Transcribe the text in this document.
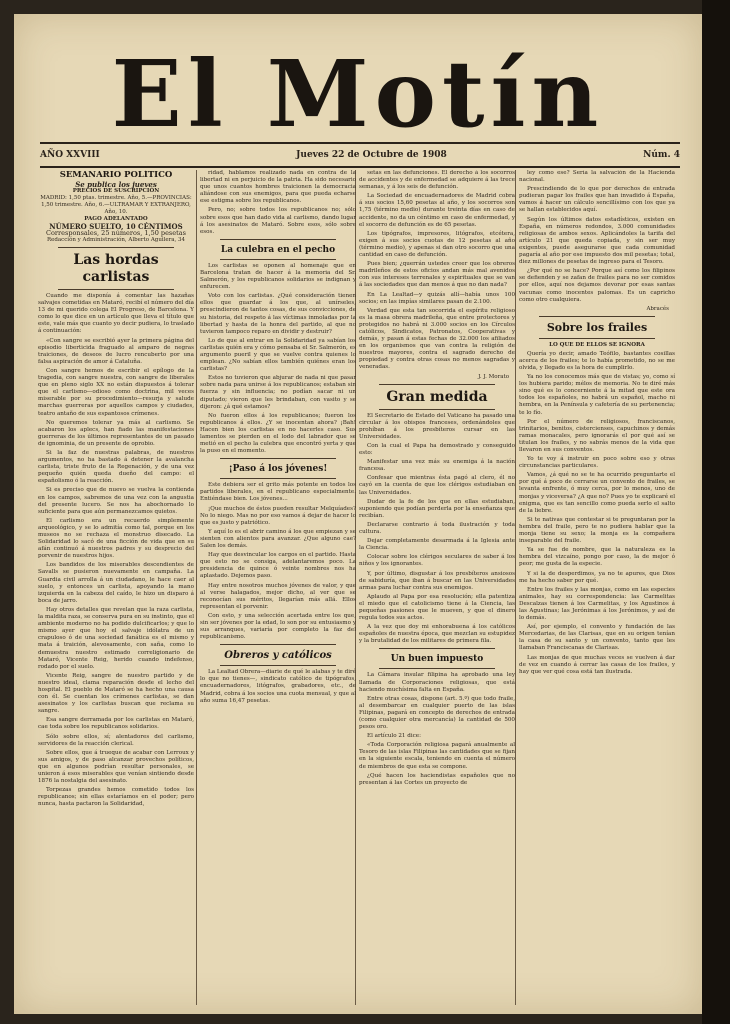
El Motín
AÑO XXVIII	Jueves 22 de Octubre de 1908	Núm. 4
SEMANARIO POLÍTICO
Se publica los jueves
PRECIOS DE SUSCRIPCIÓN
MADRID: 1,50 ptas. trimestre. Año, 5.—PROVINCIAS: 1,50 trimestre. Año, 6.—ULTRAMAR Y EXTRANJERO, Año, 10.
PAGO ADELANTADO
NÚMERO SUELTO, 10 CÉNTIMOS
Corresponsales, 25 números, 1,50 pesetas
Redacción y Administración, Alberto Aguilera, 34
Las hordas carlistas

Cuando me disponía á comentar las hazañas salvajes cometidas en Mataró, recibí el número del día 13 de mi querido colega El Progreso, de Barcelona. Y como lo que dice en un artículo que lleva el título que este, vale más que cuanto yo decir pudiera, lo traslado á continuación:

«Con sangre se escribió ayer la primera página del episodio liberticida fraguado al amparo de negras traiciones, de deseos de lucro rencuberto por una falsa aspiración de amor á Cataluña.

Con sangre hemos de escribir el epílogo de la tragedia, con sangre nuestra, con sangre de liberales que en pleno siglo XX no están dispuestos á tolerar que el carlismo—odioso como doctrina, mil veces miserable por su procedimiento—resurja y salude marchas guerreras por aquellos campos y ciudades, teatro antaño de sus espantosos crímenes.

No queremos tolerar ya más al carlismo. Se acabaron los aplecs, han fiado las manifestaciones guerreras de los últimos representantes de un pasado de ignominia, de un presente de oprobio.

Si la faz de nuestras palabras, de nuestros argumentos, no ha bastado á detener la avalancha carlista, triste fruto de la Regenación, y de una vez pequeño quién queda dueño del campo: el españolismo ó la reacción.

Si es preciso que de nuevo se vuelva la contienda en los campos, sabremos de una vez con la angustia del presente lucero. Se nos ha abochornado lo suficiente para que aún permanezcamos quietos.

El carlismo era un recuerdo simplemente arqueológico, y se lo admitía como tal, porque en los museos no se rechaza el monstruo disecado. La Solidaridad lo sacó de una ficción de vida que en su afán continuó á nuestros padres y su desprecio del porvenir de nuestros hijos.

Los bandidos de los miserables descendientes de Savalls se pusieron nuevamente en campaña. La Guardia civil arrolla á un ciudadano, le hace caer al suelo, y entonces un carlista, apoyando la mano izquierda en la cabeza del caído, le hizo un disparo á boca de jarro.

Hay otros detalles que revelan que la raza carlista, la maldita raza, se conserva pura en su instinto, que el ambiente moderno no ha podido dulcificarlos; y que lo mismo ayer que hoy el salvaje idólatra de un crapuloso ó de una sociedad fanática es el mismo y mata á traición, alevosamente, con saña, como lo demuestra nuestro estimado correligionario de Mataró, Vicente Reig, herido cuando indefenso, rodado por el suelo.

Vicente Reig, sangre de nuestro partido y de nuestro ideal, clama reparación desde el lecho del hospital. El pueblo de Mataró se ha hecho una causa con él. Se cuentan los crímenes carlistas, se dan asesinatos y los carlistas buscan que reclama su sangre.

Esa sangre derramada por los carlistas en Mataró, cae toda sobre los republicanos solidarios.

Sólo sobre ellos, sí; alentadores del carlismo, servidores de la reacción clerical.

Sobre ellos, que á trueque de acabar con Lerroux y sus amigos, y de paso alcanzar provechos políticos, que en algunos podrían resultar personales, se unieron á esos miserables que venían sintiendo desde 1876 la nostalgia del asesinato.

Torpezas grandes hemos cometido todos los republicanos; sin ellas estaríamos en el poder; pero nunca, hasta pactaron la Solidaridad,

ridad, hablamos realizado nada en contra de la libertad ni en perjuicio de la patria. Ha sido necesario que unos cuantos hombres traicionen la democracia aliándose con sus enemigos, para que pueda echarse ese estigma sobre los republicanos.

Pero, no; sobre todos los republicanos no; sólo sobre esos que han dado vida al carlismo, dando lugar á los asesinatos de Mataró. Sobre esos, sólo sobre esos.

La culebra en el pecho

Los carlistas se oponen al homenaje que en Barcelona tratan de hacer á la memoria del Sr. Salmerón, y los republicanos solidarios se indignan y enfurecen.

Voto con los carlistas. ¿Qué consideración tienen ellos que guardar á los que, al unírseles, prescindieron de tantos cosas, de sus convicciones, de su historia, del respeto á las víctimas inmoladas por la libertad y hasta de la honra del partido, al que no tuvieron tampoco reparo en dividir y destruir?

Lo de que al entrar en la Solidaridad ya sabían los carlistas quién era y cómo pensaba el Sr. Salmerón, es argumento pueril y que se vuelve contra quienes lo emplean. ¿No sabían ellos también quiénes eran los carlistas?

Estos no tuvieron que abjurar de nada ni que pasar sobre nada para unirse á los republicanos; estaban sin fuerza y sin influencia; no podían sacar ni un diputado; vieron que les brindaban, con vasito y se dijeron: ¿á qué estamos?

No fueron ellos á los republicanos; fueron los republicanos á ellos. ¿Y se inocentan ahora? ¡Bah! Hacen bien los carlistas en no hacerles caso. Sus lamentos se pierden en el lodo del labrador que se metió en el pecho la culebra que encontró yerta y que la puso en el momento.

¡Paso á los jóvenes!

Este debiera ser el grito más potente en todos los partidos liberales, en el republicano especialmente. Entiéndase bien. Los jóvenes...

¡Que muchos de éstos pueden resultar Melquíades? No lo niego. Mas no por eso vamos á dejar de hacer lo que es justo y patriótico.

Y aquí lo es el abrir camino á los que empiezan y se sienten con alientos para avanzar. ¿Que alguno cae? Salen los demás.

Hay que desvincular los cargos en el partido. Hasta que esto no se consiga, adelantaremos poco. La presidencia de quince ó veinte nombres nos ha aplastado. Dejemos paso.

Hay entre nosotros muchos jóvenes de valor, y que al verse halagados, mejor dicho, al ver que se reconocían sus méritos, llegarían más allá. Ellos representan el porvenir.

Con esto, y una selección acertada entre los que, sin ser jóvenes por la edad, lo son por su entusiasmo y sus arranques, variaría por completo la faz del republicanismo.

Obreros y católicos

La Lealtad Obrera—diarie de qué le alabas y te diré lo que no tienes—, sindicato católico de tipógrafos, encuadernadores, litógrafos, grabadores, etc., de Madrid, cobra á los socios una cuota mensual, y que al año suma 16,47 pesetas.

setas en las defunciones. El derecho á los socorros de accidentes y de enfermedad se adquiere á las trece semanas, y á los seis de defunción.

La Sociedad de encuadernadores de Madrid cobra á sus socios 15,60 pesetas al año, y los socorros son 1,75 (término medio) durante treinta días en caso de accidente, no da un céntimo en caso de enfermedad, y el socorro de defunción es de 65 pesetas.

Los tipógrafos, impresores, litógrafos, etcétera, exigen á sus socios cuotas de 12 pesetas al año (término medio), y apenas si dan otro socorro que una cantidad en caso de defunción.

Pues bien; ¿querrán ustedes creer que los obreros madrileños de estos oficios andan más mal avenidos con sus intereses terrenales y espirituales que se van á las sociedades que dan menos á que no dan nada?

En La Lealtad—y quizás allí—había unos 100 socios; en las impías similares pasan de 2.100.

Verdad que esta tan socorrida el espíritu religioso es la masa obrera madrileña, que entre protectores y protegidos no habrá ni 3.000 socios en los Círculos católicos, Sindicatos, Patronatos, Cooperativas y demás, y pasan á estas fechas de 32.000 los afiliados en los organismos que van contra la religión de nuestros mayores, contra el sagrado derecho de propiedad y contra otras cosas no menos sagradas y veneradas.

J. J. Morato
Gran medida

El Secretario de Estado del Vaticano ha pasado una circular á los obispos franceses, ordenándoles que prohíban á los presbíteros cursar en las Universidades.

Con la cual el Papa ha demostrado y conseguido esto:

Manifestar una vez más su enemiga á la nación francesa.

Confesar que mientras ésta pagó al clero, él no cayó en la cuenta de que los clérigos estudiaban en las Universidades.

Dudar de la fe de los que en ellas estudiaban, suponiendo que podían perderla por la enseñanza que recibían.

Declararse contrario á toda ilustración y toda cultura.

Dejar completamente desarmada á la Iglesia ante la Ciencia.

Colocar sobre los clérigos seculares de saber á los niños y los ignorantes.

Y, por último, disgustar á los presbíteros ansiosos de sabiduría, que iban á buscar en las Universidades armas para luchar contra sus enemigos.

Aplaudo al Papa por esa resolución; ella patentiza el miedo que el catolicismo tiene á la Ciencia, las pequeñas pasiones que le mueven, y que el dinero regula todos sus actos.

A la vez que doy mi enhorabuena á los católicos españoles de nuestra época, que mezclan su estupidez y la brutalidad de los militares de primera fila.

Un buen impuesto

La Cámara insular filipina ha aprobado una ley llamada de Corporaciones religiosas, que está haciendo muchísima falta en España.

Entre otras cosas, dispone (art. 5.º) que todo fraile, al desembarcar en cualquier puerto de las islas Filipinas, pagará en concepto de derechos de entrada (como cualquier otra mercancía) la cantidad de 500 pesos oro.

El artículo 21 dice:

«Toda Corporación religiosa pagará anualmente al Tesoro de las islas Filipinas las cantidades que se fijan en la siguiente escala, teniendo en cuenta el número de miembros de que esta se compone.

¿Qué hacen los haciendistas españoles que no presentan á las Cortes un proyecto de

ley como ese? Sería la salvación de la Hacienda nacional.

Prescindiendo de lo que por derechos de entrada pudieran pagar los frailes que han invadido á España, vamos á hacer un cálculo sencillísimo con los que ya se hallan establecidos aquí.

Según los últimos datos estadísticos, existen en España, en números redondos, 3.000 comunidades religiosas de ambos sexos. Aplicándoles la tarifa del artículo 21 que queda copiada, y sin ser muy exigentes, puede asegurarse que cada comunidad pagaría al año por ese impuesto dos mil pesetas; total, diez millones de pesetas de ingreso para el Tesoro.

¿Por qué no se hace? Porque así como los filipinos se defienden y se zafan de frailes para no ser comidos por ellos, aquí nos dejamos devorar por esas santas vacunas como inocentes palomas. Es un capricho como otro cualquiera.

Abracés
Sobre los frailes
LO QUE DE ELLOS SE IGNORA

Quería yo decir, amado Teófilo, bastantes cosillas acerca de los frailes; te lo había prometido, no se me olvida, y llegado es la hora de cumplirlo.

Ya no los conocemos más que de vistas; yo, como sí los hubiera parido; mélos de memoria. No te diré más sino qué es lo concerniente á la mitad que este ora todos los españoles, no habrá un español, macho ni hembra, en la Península y cafetería de su pertenencia; te lo fío.

Por el número de religiosos, franciscanos, trinitarios, benitos, cistercienses, capuchinos y demás ramas monacales, pero ignorarás el por qué así se titulan los frailes, y no sabrás menos de la vida que llevaron en sus conventos.

Yo te voy á instruir en poco sobre eso y otras circunstancias particulares.

Vamos, ¿á qué no se te ha ocurrido preguntarte el por qué á poco de cerrarse un convento de frailes, se levanta enfrente, ó muy cerca, por lo menos, uno de monjas y viceversa? ¿A que no? Pues yo te explicaré el enigma, que es tan sencillo como pueda serlo el salto de la liebre.

Si te nativas que contestar si te preguntaran por la hembra del fraile, pero te no pudiera hablar que la monja tiene su sexo; la monja es la compañera inseparable del fraile.

Ya se fue de nombre, que la naturaleza es la hembra del vizcaíno, pongo por caso, la de mejor ó peor; me gusta de la especie.

Y si la de desperdimos, ya no te apures, que Dios me ha hecho saber por qué.

Entre los frailes y las monjas, como en las especies animales, hay su correspondencia: las Carmelitas Descalzas tienen á los Carmelitas, y los Agustinos á las Agustinas; las Jerónimas á los Jerónimos, y así de lo demás.

Así, por ejemplo, el convento y fundación de las Mercedarias, de las Clarisas, que en su origen tenían la casa de su santo y un convento, tanto que les llamaban Franciscanas de Clarisas.

Las monjas de que muchas veces se vuelven á dar de vez en cuando á cerrar las casas de los frailes, y hay que ver qué cosa está tan ilustrada.
